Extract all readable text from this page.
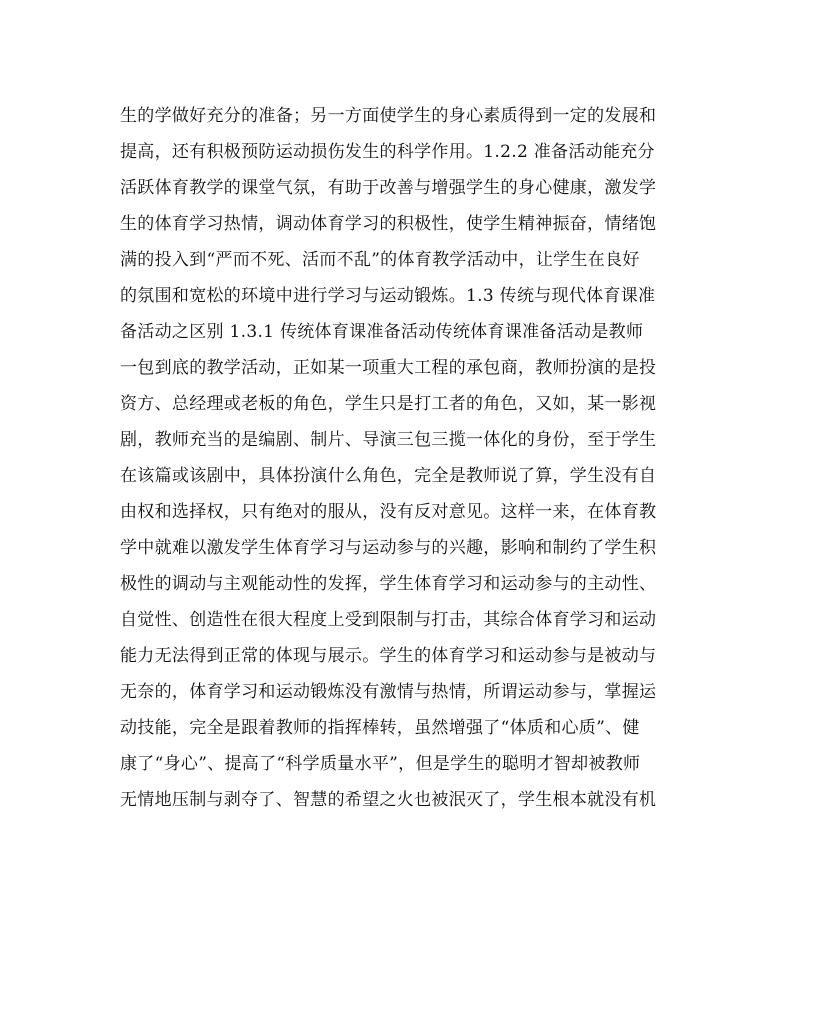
生的学做好充分的准备；另一方面使学生的身心素质得到一定的发展和
提高，还有积极预防运动损伤发生的科学作用。1.2.2 准备活动能充分
活跃体育教学的课堂气氛，有助于改善与增强学生的身心健康，激发学
生的体育学习热情，调动体育学习的积极性，使学生精神振奋，情绪饱
满的投入到“严而不死、活而不乱”的体育教学活动中，让学生在良好
的氛围和宽松的环境中进行学习与运动锻炼。1.3 传统与现代体育课准
备活动之区别 1.3.1 传统体育课准备活动传统体育课准备活动是教师
一包到底的教学活动，正如某一项重大工程的承包商，教师扮演的是投
资方、总经理或老板的角色，学生只是打工者的角色，又如，某一影视
剧，教师充当的是编剧、制片、导演三包三揽一体化的身份，至于学生
在该篇或该剧中，具体扮演什么角色，完全是教师说了算，学生没有自
由权和选择权，只有绝对的服从，没有反对意见。这样一来，在体育教
学中就难以激发学生体育学习与运动参与的兴趣，影响和制约了学生积
极性的调动与主观能动性的发挥，学生体育学习和运动参与的主动性、
自觉性、创造性在很大程度上受到限制与打击，其综合体育学习和运动
能力无法得到正常的体现与展示。学生的体育学习和运动参与是被动与
无奈的，体育学习和运动锻炼没有激情与热情，所谓运动参与，掌握运
动技能，完全是跟着教师的指挥棒转，虽然增强了“体质和心质”、健
康了“身心”、提高了“科学质量水平”，但是学生的聪明才智却被教师
无情地压制与剥夺了、智慧的希望之火也被泯灭了，学生根本就没有机
